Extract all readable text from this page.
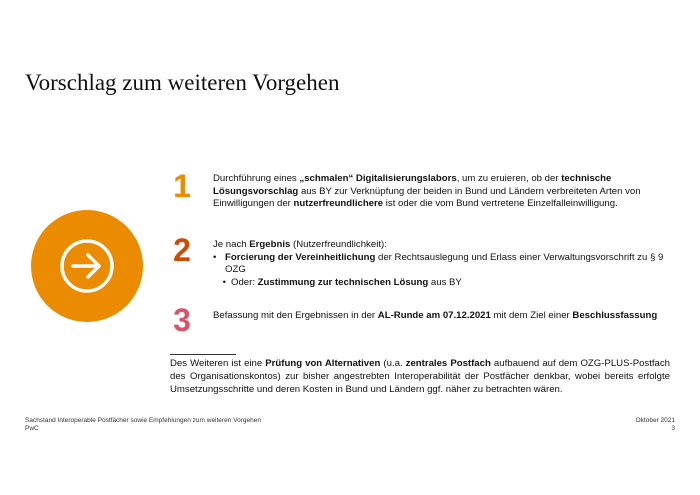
Vorschlag zum weiteren Vorgehen
1 Durchführung eines „schmalen“ Digitalisierungslabors, um zu eruieren, ob der technische Lösungsvorschlag aus BY zur Verknüpfung der beiden in Bund und Ländern verbreiteten Arten von Einwilligungen der nutzerfreundlichere ist oder die vom Bund vertretene Einzelfalleinwilligung.
2 Je nach Ergebnis (Nutzerfreundlichkeit):
• Forcierung der Vereinheitlichung der Rechtsauslegung und Erlass einer Verwaltungsvorschrift zu § 9 OZG
• Oder: Zustimmung zur technischen Lösung aus BY
3 Befassung mit den Ergebnissen in der AL-Runde am 07.12.2021 mit dem Ziel einer Beschlussfassung
Des Weiteren ist eine Prüfung von Alternativen (u.a. zentrales Postfach aufbauend auf dem OZG-PLUS-Postfach des Organisationskontos) zur bisher angestrebten Interoperabilität der Postfächer denkbar, wobei bereits erfolgte Umsetzungsschritte und deren Kosten in Bund und Ländern ggf. näher zu betrachten wären.
Sachstand Interoperable Postfächer sowie Empfehlungen zum weiteren Vorgehen
PwC
Oktober 2021
3
